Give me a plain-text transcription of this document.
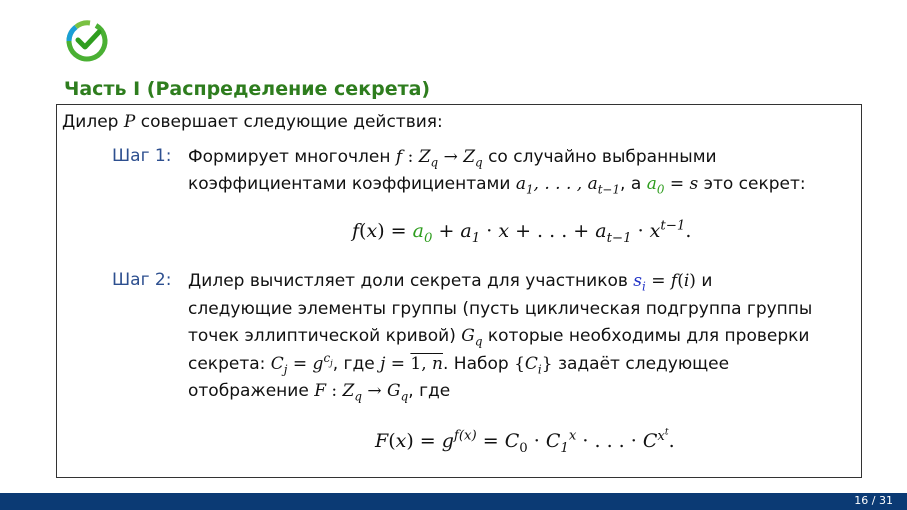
Часть I (Распределение секрета)
Дилер P совершает следующие действия:
Шаг 1: Формирует многочлен f : $Z_q \to Z_q$ со случайно выбранными
коэффициентами коэффициентами $a_1$, . . . , $a_{t-1}$, а $a_0 = s$ это секрет:
$f(x) = a_0 + a_1 \cdot x$ + . . . + $a_{t-1} \cdot x^{t-1}$.
Шаг 2: Дилер вычистляет доли секрета для участников $s_i = f(i)$ и
следующие элементы группы (пусть циклическая подгруппа группы
точек эллиптической кривой) $G_q$ которые необходимы для проверки
секрета: $C_j = g^{c_j}$, где j = 1, n. Набор $\{C_i\}$ задаёт следующее
отображение F : $Z_q \to G_q$, где
$F(x) = g^{f(x)} = C_0 \cdot C_1^x$ · . . . · $C^{x^t}$.
16 / 31
